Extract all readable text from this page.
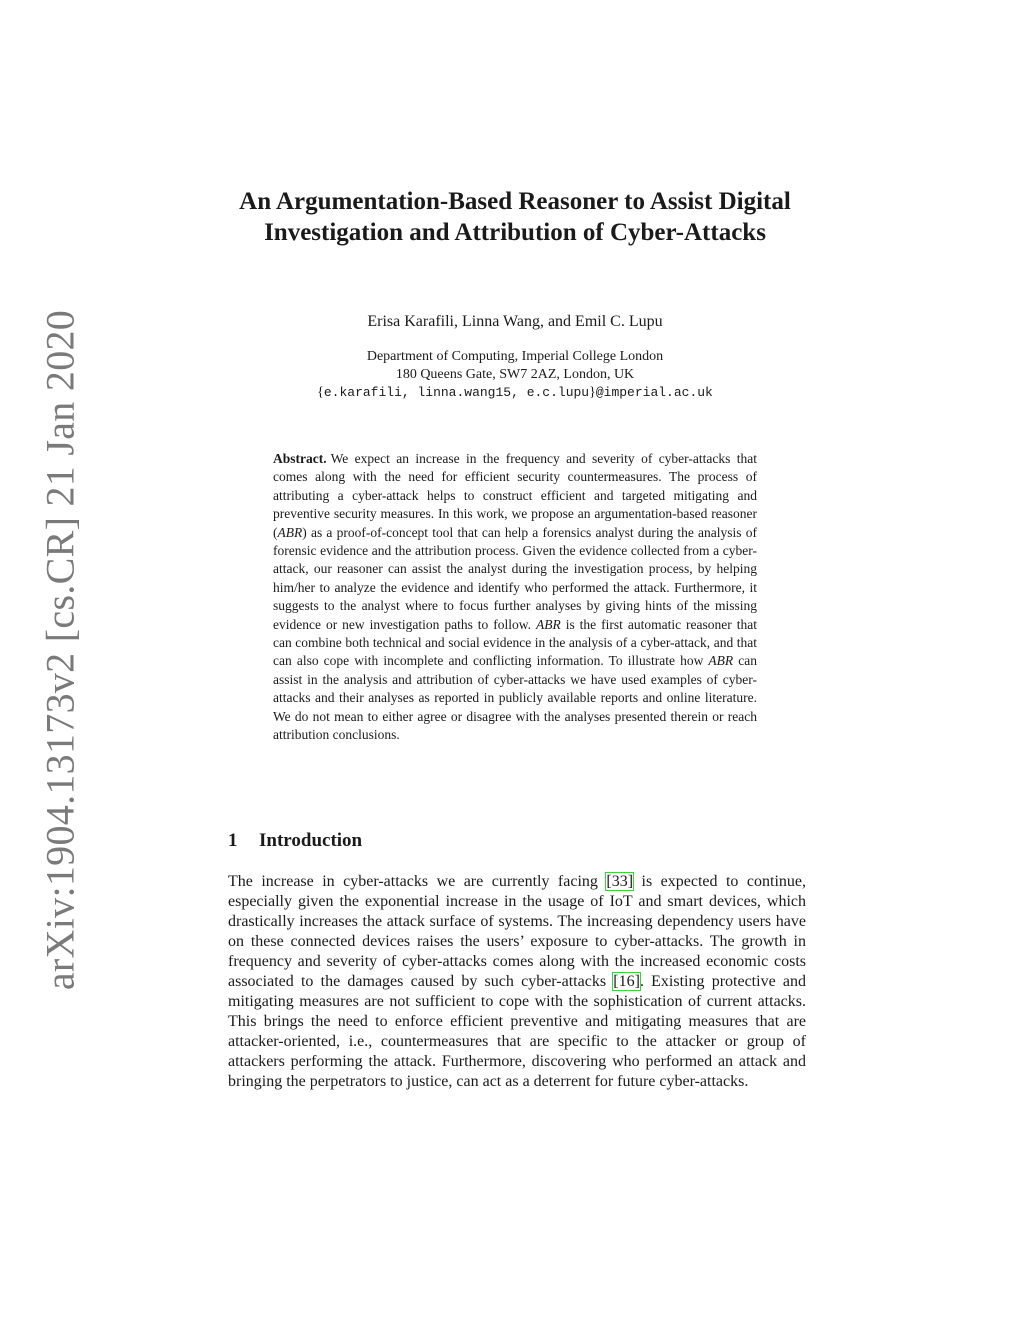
arXiv:1904.13173v2 [cs.CR] 21 Jan 2020
An Argumentation-Based Reasoner to Assist Digital Investigation and Attribution of Cyber-Attacks
Erisa Karafili, Linna Wang, and Emil C. Lupu
Department of Computing, Imperial College London
180 Queens Gate, SW7 2AZ, London, UK
{e.karafili, linna.wang15, e.c.lupu}@imperial.ac.uk
Abstract. We expect an increase in the frequency and severity of cyber-attacks that comes along with the need for efficient security countermeasures. The process of attributing a cyber-attack helps to construct efficient and targeted mitigating and preventive security measures. In this work, we propose an argumentation-based reasoner (ABR) as a proof-of-concept tool that can help a forensics analyst during the analysis of forensic evidence and the attribution process. Given the evidence collected from a cyber-attack, our reasoner can assist the analyst during the investigation process, by helping him/her to analyze the evidence and identify who performed the attack. Furthermore, it suggests to the analyst where to focus further analyses by giving hints of the missing evidence or new investigation paths to follow. ABR is the first automatic reasoner that can combine both technical and social evidence in the analysis of a cyber-attack, and that can also cope with incomplete and conflicting information. To illustrate how ABR can assist in the analysis and attribution of cyber-attacks we have used examples of cyber-attacks and their analyses as reported in publicly available reports and online literature. We do not mean to either agree or disagree with the analyses presented therein or reach attribution conclusions.
1 Introduction
The increase in cyber-attacks we are currently facing [33] is expected to continue, especially given the exponential increase in the usage of IoT and smart devices, which drastically increases the attack surface of systems. The increasing dependency users have on these connected devices raises the users’ exposure to cyber-attacks. The growth in frequency and severity of cyber-attacks comes along with the increased economic costs associated to the damages caused by such cyber-attacks [16]. Existing protective and mitigating measures are not sufficient to cope with the sophistication of current attacks. This brings the need to enforce efficient preventive and mitigating measures that are attacker-oriented, i.e., countermeasures that are specific to the attacker or group of attackers performing the attack. Furthermore, discovering who performed an attack and bringing the perpetrators to justice, can act as a deterrent for future cyber-attacks.
